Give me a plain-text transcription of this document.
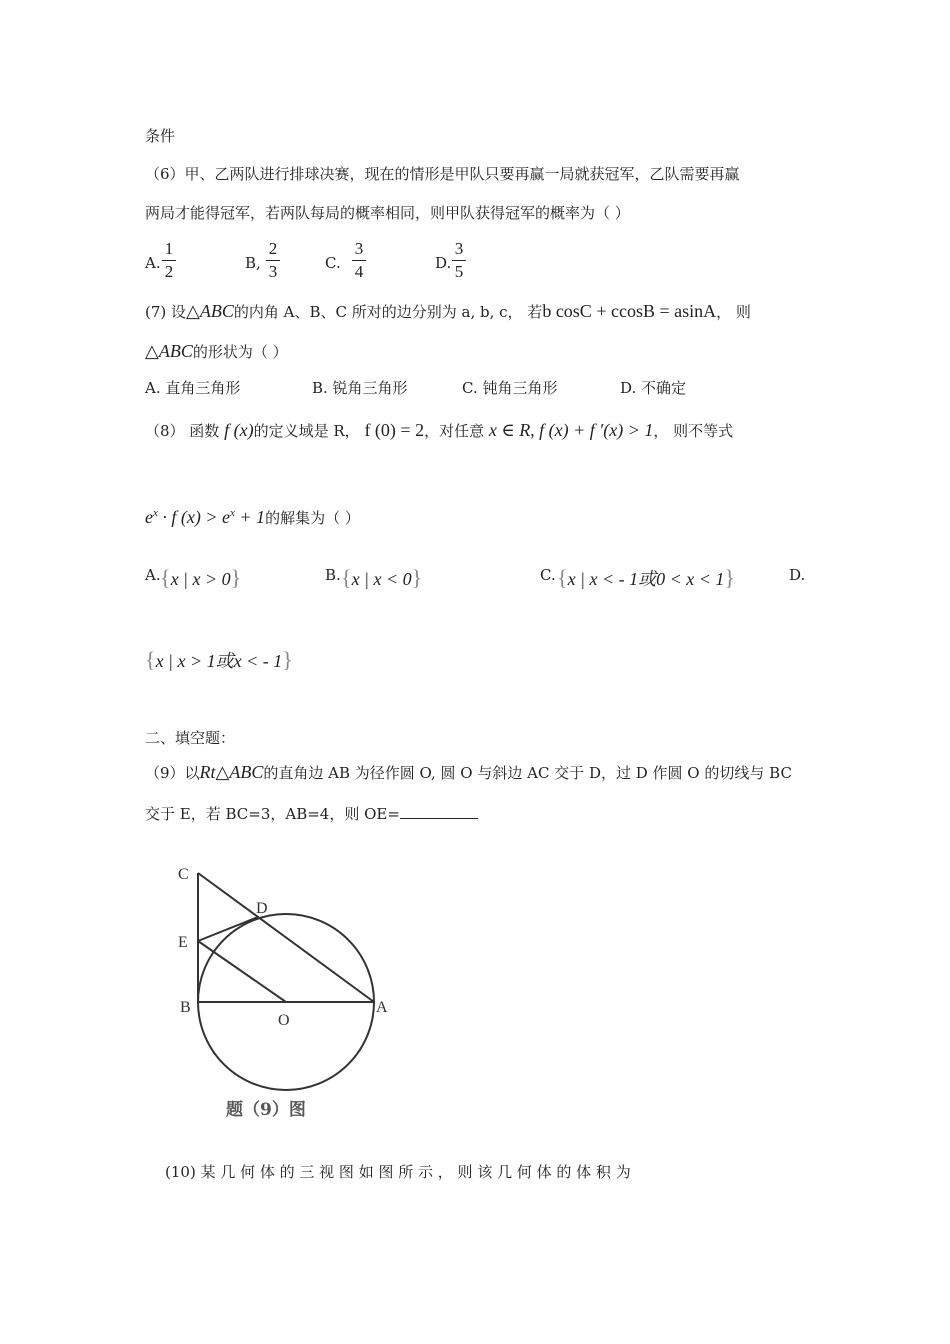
条件
（6）甲、乙两队进行排球决赛，现在的情形是甲队只要再赢一局就获冠军，乙队需要再赢
两局才能得冠军，若两队每局的概率相同，则甲队获得冠军的概率为（ ）
A.
1
2	B,
2
3	C.
3
4	D.
3
5
(7) 设△ABC的内角 A、B、C 所对的边分别为 a, b, c， 若b cosC + ccosB = asinA， 则
△ABC的形状为（ ）
A. 直角三角形	B. 锐角三角形	C. 钝角三角形	D. 不确定
（8） 函数 f (x)的定义域是 R， f (0) = 2，对任意 x ∈ R, f (x) + f ′(x) > 1， 则不等式
$e^x \cdot f$ $(x) > e^x + 1$的解集为（ ）
A. {x | x > 0}	B. {x | x < 0}	C. {x | x < - 1或0 < x < 1}	D.
{x | x > 1或x < - 1}
二、填空题：
（9）以Rt△ABC的直角边 AB 为径作圆 O, 圆 O 与斜边 AC 交于 D，过 D 作圆 O 的切线与 BC
交于 E，若 BC=3，AB=4，则 OE=
C
D
E
B
O
A
题（9）图
(10) 某 几 何 体 的 三 视 图 如 图 所 示 ， 则 该 几 何 体 的 体 积 为
